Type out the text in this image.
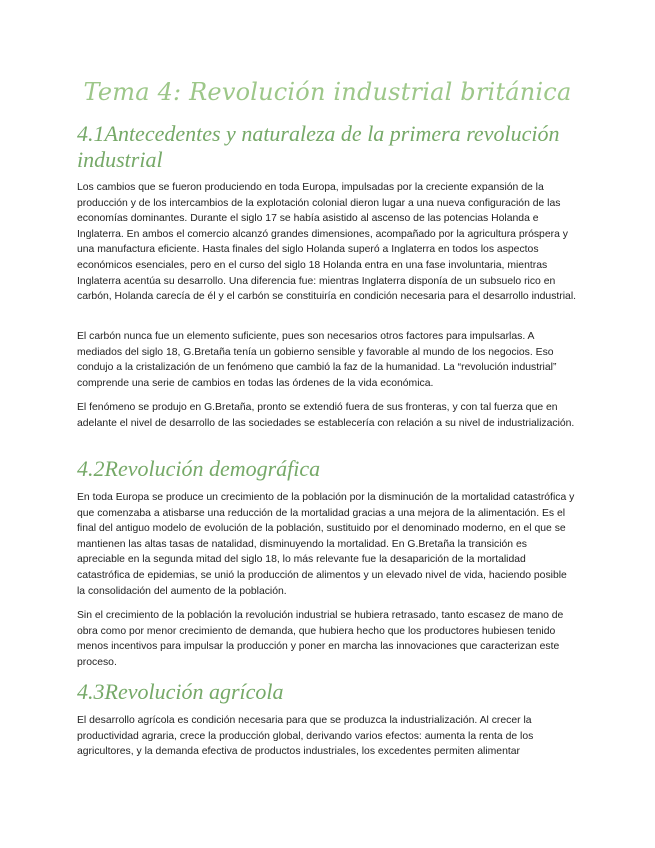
Tema 4: Revolución industrial británica
4.1Antecedentes y naturaleza de la primera revolución industrial

Los cambios que se fueron produciendo en toda Europa, impulsadas por la creciente expansión de la producción y de los intercambios de la explotación colonial dieron lugar a una nueva configuración de las economías dominantes. Durante el siglo 17 se había asistido al ascenso de las potencias Holanda e Inglaterra. En ambos el comercio alcanzó grandes dimensiones, acompañado por la agricultura próspera y una manufactura eficiente. Hasta finales del siglo Holanda superó a Inglaterra en todos los aspectos económicos esenciales, pero en el curso del siglo 18 Holanda entra en una fase involuntaria, mientras Inglaterra acentúa su desarrollo. Una diferencia fue: mientras Inglaterra disponía de un subsuelo rico en carbón, Holanda carecía de él y el carbón se constituiría en condición necesaria para el desarrollo industrial.

El carbón nunca fue un elemento suficiente, pues son necesarios otros factores para impulsarlas. A mediados del siglo 18, G.Bretaña tenía un gobierno sensible y favorable al mundo de los negocios. Eso condujo a la cristalización de un fenómeno que cambió la faz de la humanidad. La “revolución industrial” comprende una serie de cambios en todas las órdenes de la vida económica.

El fenómeno se produjo en G.Bretaña, pronto se extendió fuera de sus fronteras, y con tal fuerza que en adelante el nivel de desarrollo de las sociedades se establecería con relación a su nivel de industrialización.

4.2Revolución demográfica

En toda Europa se produce un crecimiento de la población por la disminución de la mortalidad catastrófica y que comenzaba a atisbarse una reducción de la mortalidad gracias a una mejora de la alimentación. Es el final del antiguo modelo de evolución de la población, sustituido por el denominado moderno, en el que se mantienen las altas tasas de natalidad, disminuyendo la mortalidad. En G.Bretaña la transición es apreciable en la segunda mitad del siglo 18, lo más relevante fue la desaparición de la mortalidad catastrófica de epidemias, se unió la producción de alimentos y un elevado nivel de vida, haciendo posible la consolidación del aumento de la población.

Sin el crecimiento de la población la revolución industrial se hubiera retrasado, tanto escasez de mano de obra como por menor crecimiento de demanda, que hubiera hecho que los productores hubiesen tenido menos incentivos para impulsar la producción y poner en marcha las innovaciones que caracterizan este proceso.

4.3Revolución agrícola

El desarrollo agrícola es condición necesaria para que se produzca la industrialización. Al crecer la productividad agraria, crece la producción global, derivando varios efectos: aumenta la renta de los agricultores, y la demanda efectiva de productos industriales, los excedentes permiten alimentar
